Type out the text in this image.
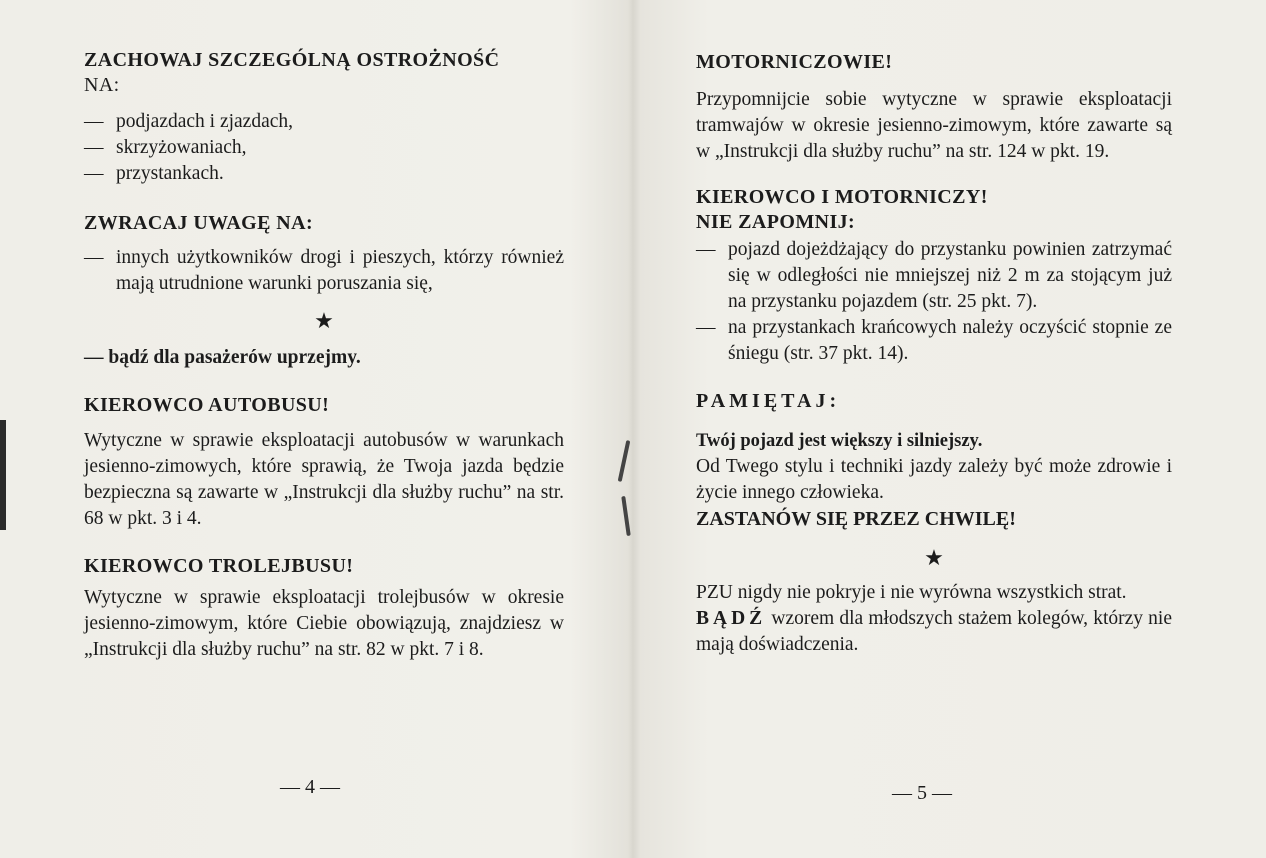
ZACHOWAJ SZCZEGÓLNĄ OSTROŻNOŚĆ
NA:
— podjazdach i zjazdach,
— skrzyżowaniach,
— przystankach.
ZWRACAJ UWAGĘ NA:
— innych użytkowników drogi i pieszych, którzy również mają utrudnione warunki poruszania się,
★

— bądź dla pasażerów uprzejmy.

KIEROWCO AUTOBUSU!

Wytyczne w sprawie eksploatacji autobusów w warunkach jesienno-zimowych, które sprawią, że Twoja jazda będzie bezpieczna są zawarte w „Instrukcji dla służby ruchu” na str. 68 w pkt. 3 i 4.

KIEROWCO TROLEJBUSU!

Wytyczne w sprawie eksploatacji trolejbusów w okresie jesienno-zimowym, które Ciebie obowiązują, znajdziesz w „Instrukcji dla służby ruchu” na str. 82 w pkt. 7 i 8.

— 4 —
MOTORNICZOWIE!

Przypomnijcie sobie wytyczne w sprawie eksploatacji tramwajów w okresie jesienno-zimowym, które zawarte są w „Instrukcji dla służby ruchu” na str. 124 w pkt. 19.

KIEROWCO I MOTORNICZY!
NIE ZAPOMNIJ:
— pojazd dojeżdżający do przystanku powinien zatrzymać się w odległości nie mniejszej niż 2 m za stojącym już na przystanku pojazdem (str. 25 pkt. 7).
— na przystankach krańcowych należy oczyścić stopnie ze śniegu (str. 37 pkt. 14).
PAMIĘTAJ:

Twój pojazd jest większy i silniejszy.

Od Twego stylu i techniki jazdy zależy być może zdrowie i życie innego człowieka.

ZASTANÓW SIĘ PRZEZ CHWILĘ!

★

PZU nigdy nie pokryje i nie wyrówna wszystkich strat.

BĄDŹ wzorem dla młodszych stażem kolegów, którzy nie mają doświadczenia.

— 5 —
